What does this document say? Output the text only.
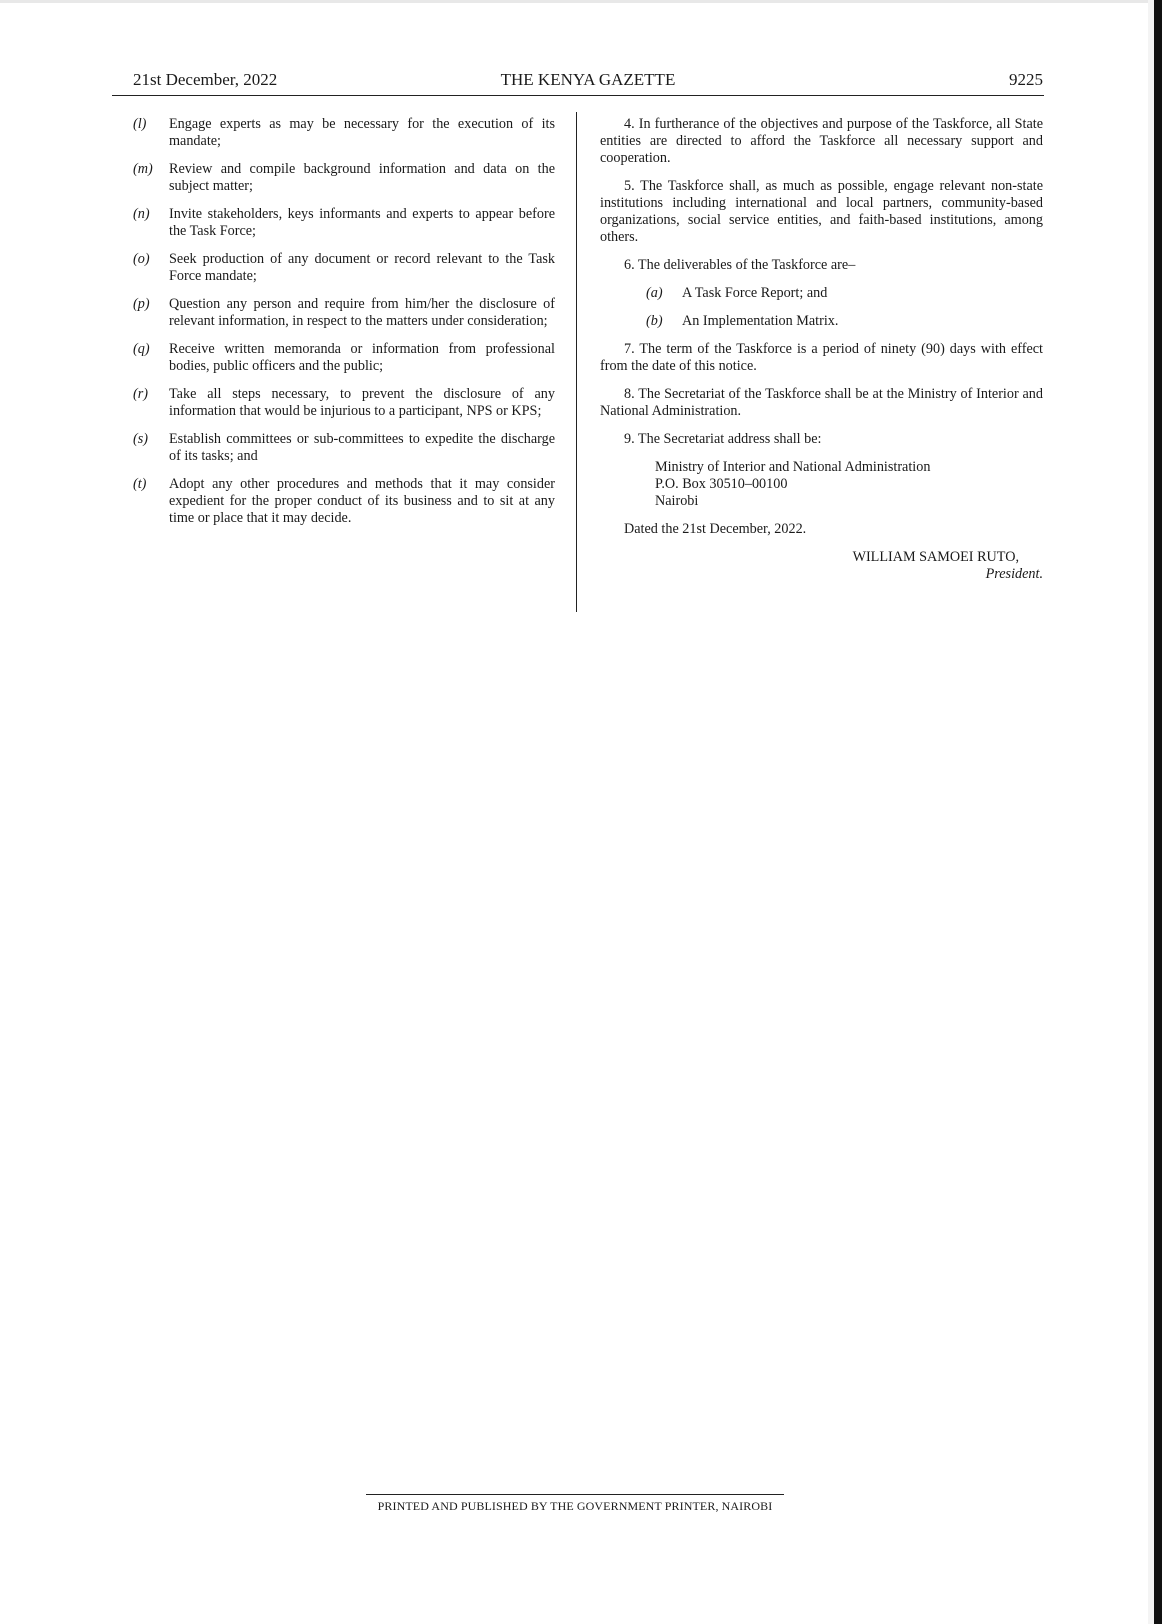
THE KENYA GAZETTE
21st December, 2022	9225
(l)	Engage experts as may be necessary for the execution of its mandate;
(m)	Review and compile background information and data on the subject matter;
(n)	Invite stakeholders, keys informants and experts to appear before the Task Force;
(o)	Seek production of any document or record relevant to the Task Force mandate;
(p)	Question any person and require from him/her the disclosure of relevant information, in respect to the matters under consideration;
(q)	Receive written memoranda or information from professional bodies, public officers and the public;
(r)	Take all steps necessary, to prevent the disclosure of any information that would be injurious to a participant, NPS or KPS;
(s)	Establish committees or sub-committees to expedite the discharge of its tasks; and
(t)	Adopt any other procedures and methods that it may consider expedient for the proper conduct of its business and to sit at any time or place that it may decide.

4. In furtherance of the objectives and purpose of the Taskforce, all State entities are directed to afford the Taskforce all necessary support and cooperation.

5. The Taskforce shall, as much as possible, engage relevant non-state institutions including international and local partners, community-based organizations, social service entities, and faith-based institutions, among others.

6. The deliverables of the Taskforce are–

(a)	A Task Force Report; and
(b)	An Implementation Matrix.

7. The term of the Taskforce is a period of ninety (90) days with effect from the date of this notice.

8. The Secretariat of the Taskforce shall be at the Ministry of Interior and National Administration.

9. The Secretariat address shall be:

Ministry of Interior and National Administration
P.O. Box 30510–00100
Nairobi
Dated the 21st December, 2022.
WILLIAM SAMOEI RUTO,
President.
PRINTED AND PUBLISHED BY THE GOVERNMENT PRINTER, NAIROBI
